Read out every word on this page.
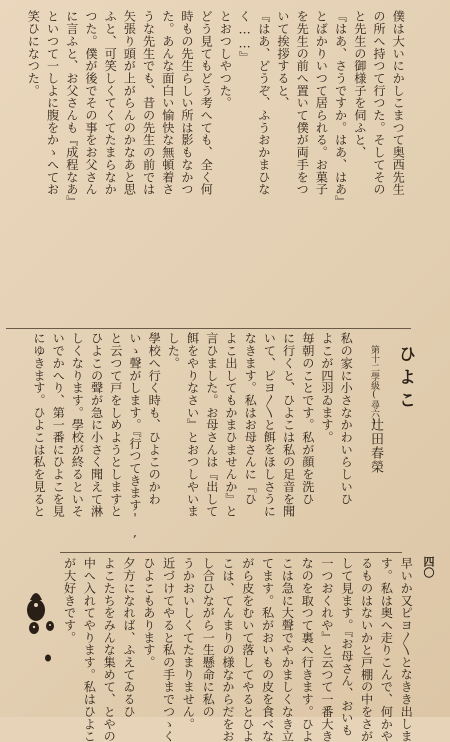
四〇
僕は大いにかしこまつて奥西先生
の所へ持つて行つた。そしてその
と先生の御様子を伺ふと、
『はあ、さうですか。はあ、はあ』
とばかりいつて居られる。お菓子
を先生の前へ置いて僕が両手をつ
いて挨拶すると、
『はあ、どうぞ、ふうおかまひな
く……』
とおつしやつた。
どう見てもどう考へても、全く何
時もの先生らしい所は影もなかつ
た。あんな面白い愉快な無頓着さ
うな先生でも、昔の先生の前では
矢張り頭が上がらんのかなあと思
ふと、可笑しくてくてたまらなか
つた。僕が後でその事をお父さん
に言ふと、お父さんも『成程なあ』
といつて一しよに腹をかゝへてお
笑ひになつた。
ひよこ
第十二學級(尋六)
辻田春榮
私の家に小さなかわいらしいひ
よこが四羽ゐます。
毎朝のことです。私が顔を洗ひ
に行くと、ひよこは私の足音を聞
いて、ピヨ〳〵と餌をほしさうに
なきます。私はお母さんに『ひ
よこ出してもかまひませんか』と
言ひました。お母さんは『出して
餌をやりなさい』とおつしやいま
した。
學校へ行く時も、ひよこのかわ
いゝ聲がします。『行つてきます',
と云つて戸をしめようとしますと
ひよこの聲が急に小さく聞えて淋
しくなります。學校が終るといそ
いでかへり、第一番にひよこを見
にゆきます。ひよこは私を見ると
早いか又ピヨ〳〵となきき出しま
す。私は奥へ走りこんで、何かや
るものはないかと戸棚の中をさが
して見ます。『お母さん、おいも
一つおくれや』と云つて一番大き
なのを取つて裏へ行きます。ひよ
こは急に大聲でやかましくなき立
てます。私がおいもの皮を食べな
がら皮をむいて落してやるとひよ
こは、てんまりの様なからだをお
し合ひながら一生懸命に私の
うかおいしくてたまりません。
近づけてやると私の手までつゝく
ひよこもあります。
夕方になれば、ふえてゐるひ
よこたちをみんな集めて、とやの
中へ入れてやります。私はひよこ
が大好きです。
